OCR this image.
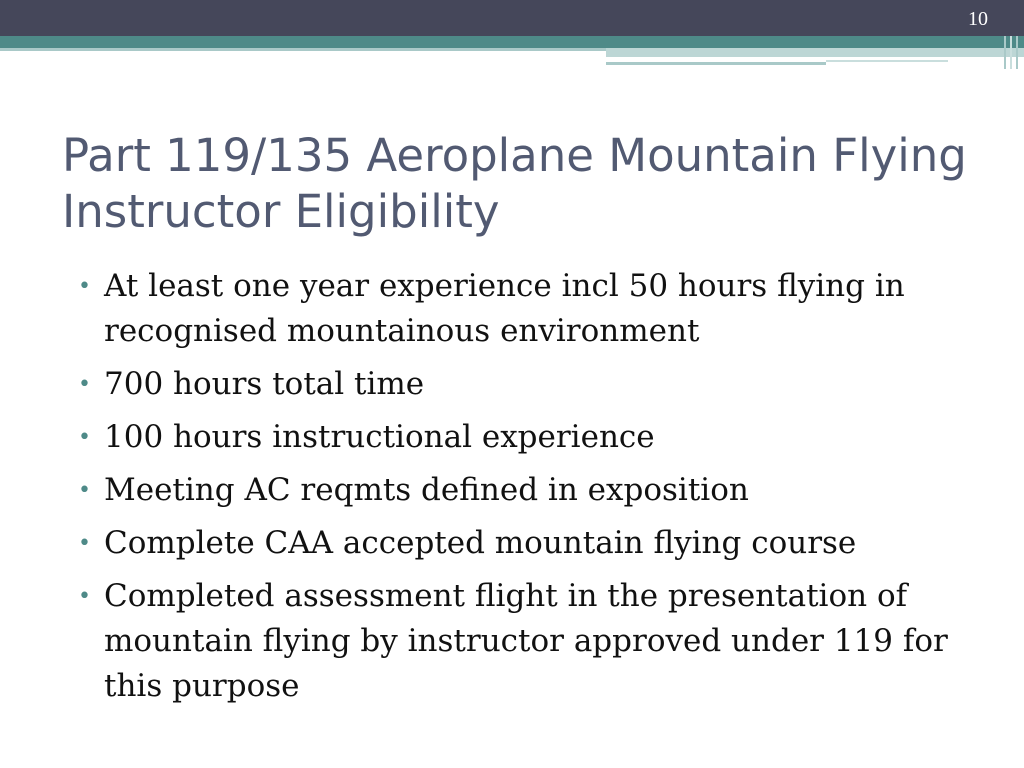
10
Part 119/135 Aeroplane Mountain Flying Instructor Eligibility
• At least one year experience incl 50 hours flying in recognised mountainous environment
• 700 hours total time
• 100 hours instructional experience
• Meeting AC reqmts defined in exposition
• Complete CAA accepted mountain flying course
• Completed assessment flight in the presentation of mountain flying by instructor approved under 119 for this purpose
